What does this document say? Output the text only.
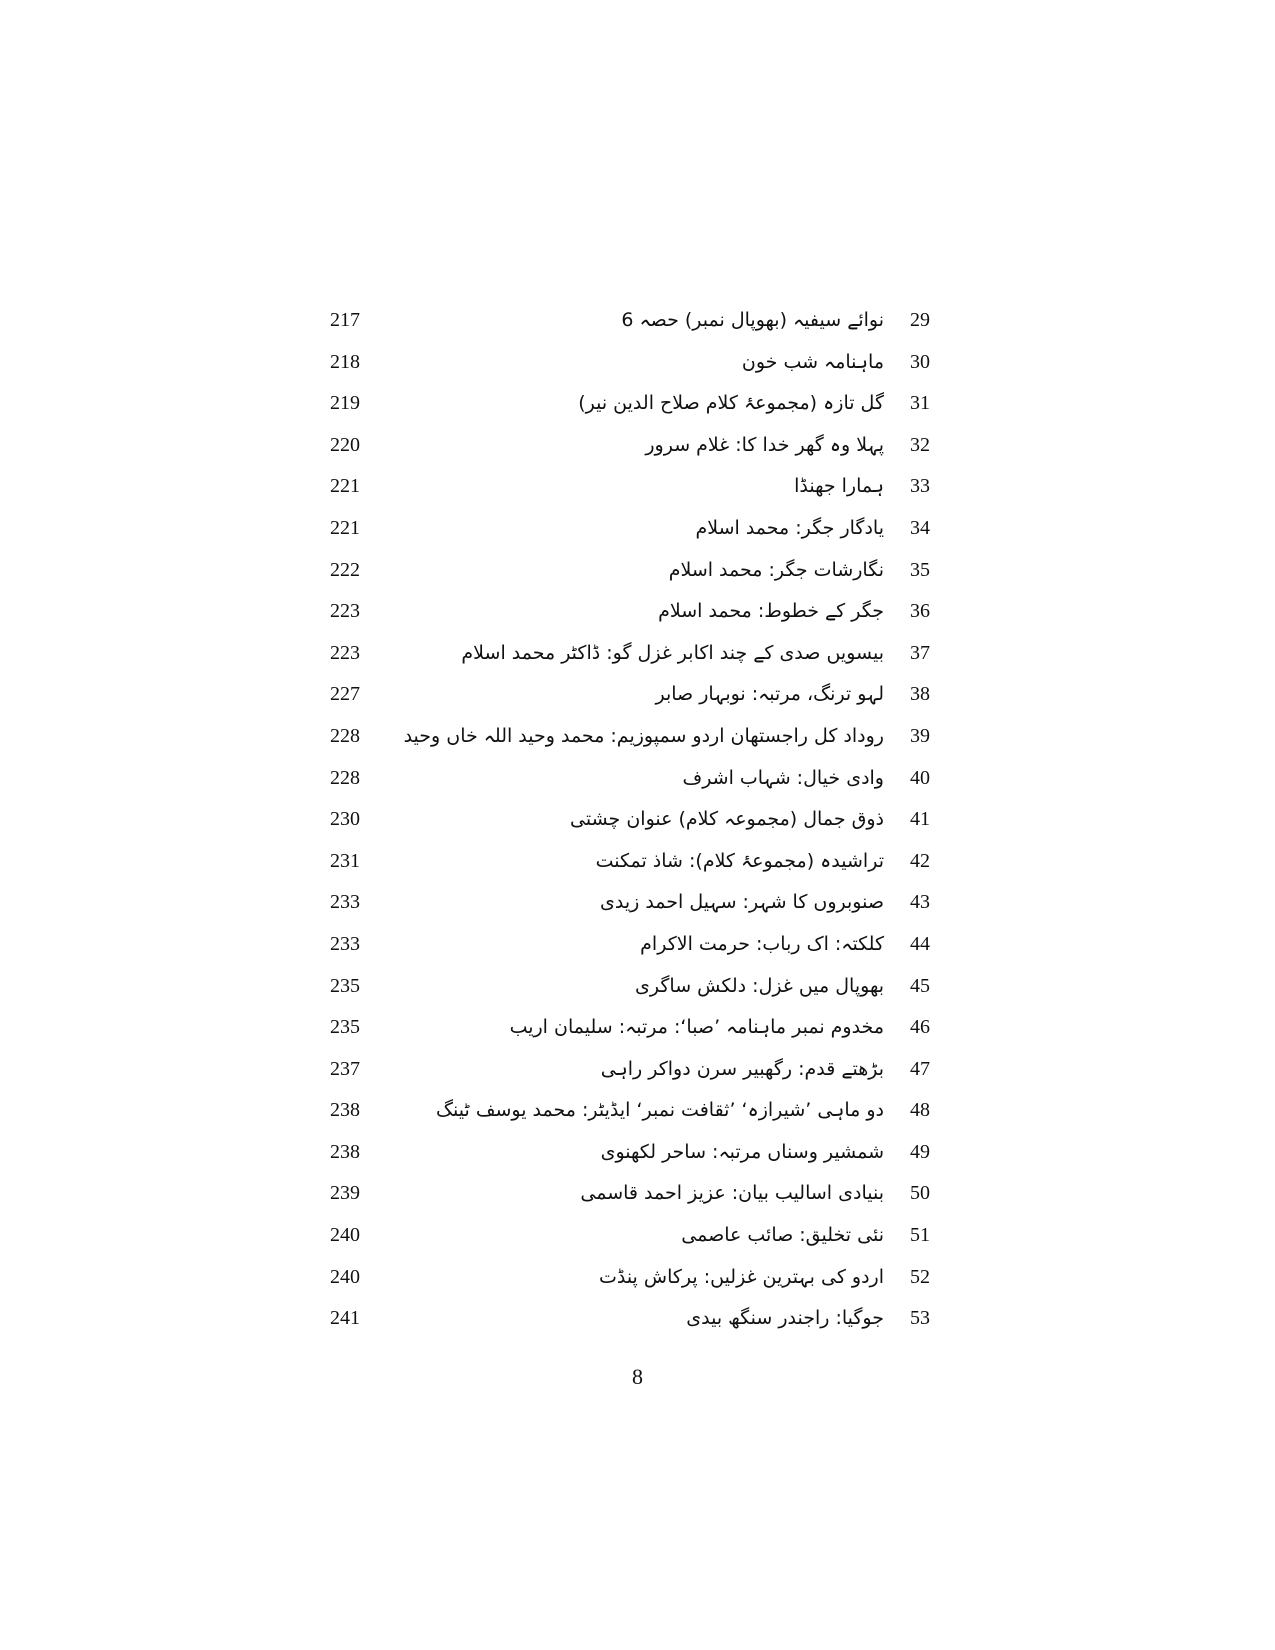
217	نوائے سیفیہ (بھوپال نمبر) حصہ 6	29
218	ماہنامہ شب خون	30
219	گل تازہ (مجموعۂ کلام صلاح الدین نیر)	31
220	پہلا وہ گھر خدا کا: غلام سرور	32
221	ہمارا جھنڈا	33
221	یادگار جگر: محمد اسلام	34
222	نگارشات جگر: محمد اسلام	35
223	جگر کے خطوط: محمد اسلام	36
223	بیسویں صدی کے چند اکابر غزل گو: ڈاکٹر محمد اسلام	37
227	لہو ترنگ، مرتبہ: نوبہار صابر	38
228 روداد کل راجستھان اردو سمپوزیم: محمد وحید اللہ خاں وحید	39
228	وادی خیال: شہاب اشرف	40
230	ذوق جمال (مجموعہ کلام) عنوان چشتی	41
231	تراشیدہ (مجموعۂ کلام): شاذ تمکنت	42
233	صنوبروں کا شہر: سہیل احمد زیدی	43
233	کلکتہ: اک رباب: حرمت الاکرام	44
235	بھوپال میں غزل: دلکش ساگری	45
235	مخدوم نمبر ماہنامہ ’صبا‘: مرتبہ: سلیمان اریب	46
237	بڑھتے قدم: رگھبیر سرن دواکر راہی	47
238	دو ماہی ’شیرازہ‘ ’ثقافت نمبر‘ ایڈیٹر: محمد یوسف ٹینگ	48
238	شمشیر وسناں مرتبہ: ساحر لکھنوی	49
239	بنیادی اسالیب بیان: عزیز احمد قاسمی	50
240	نئی تخلیق: صائب عاصمی	51
240	اردو کی بہترین غزلیں: پرکاش پنڈت	52
241	جوگیا: راجندر سنگھ بیدی	53
8
